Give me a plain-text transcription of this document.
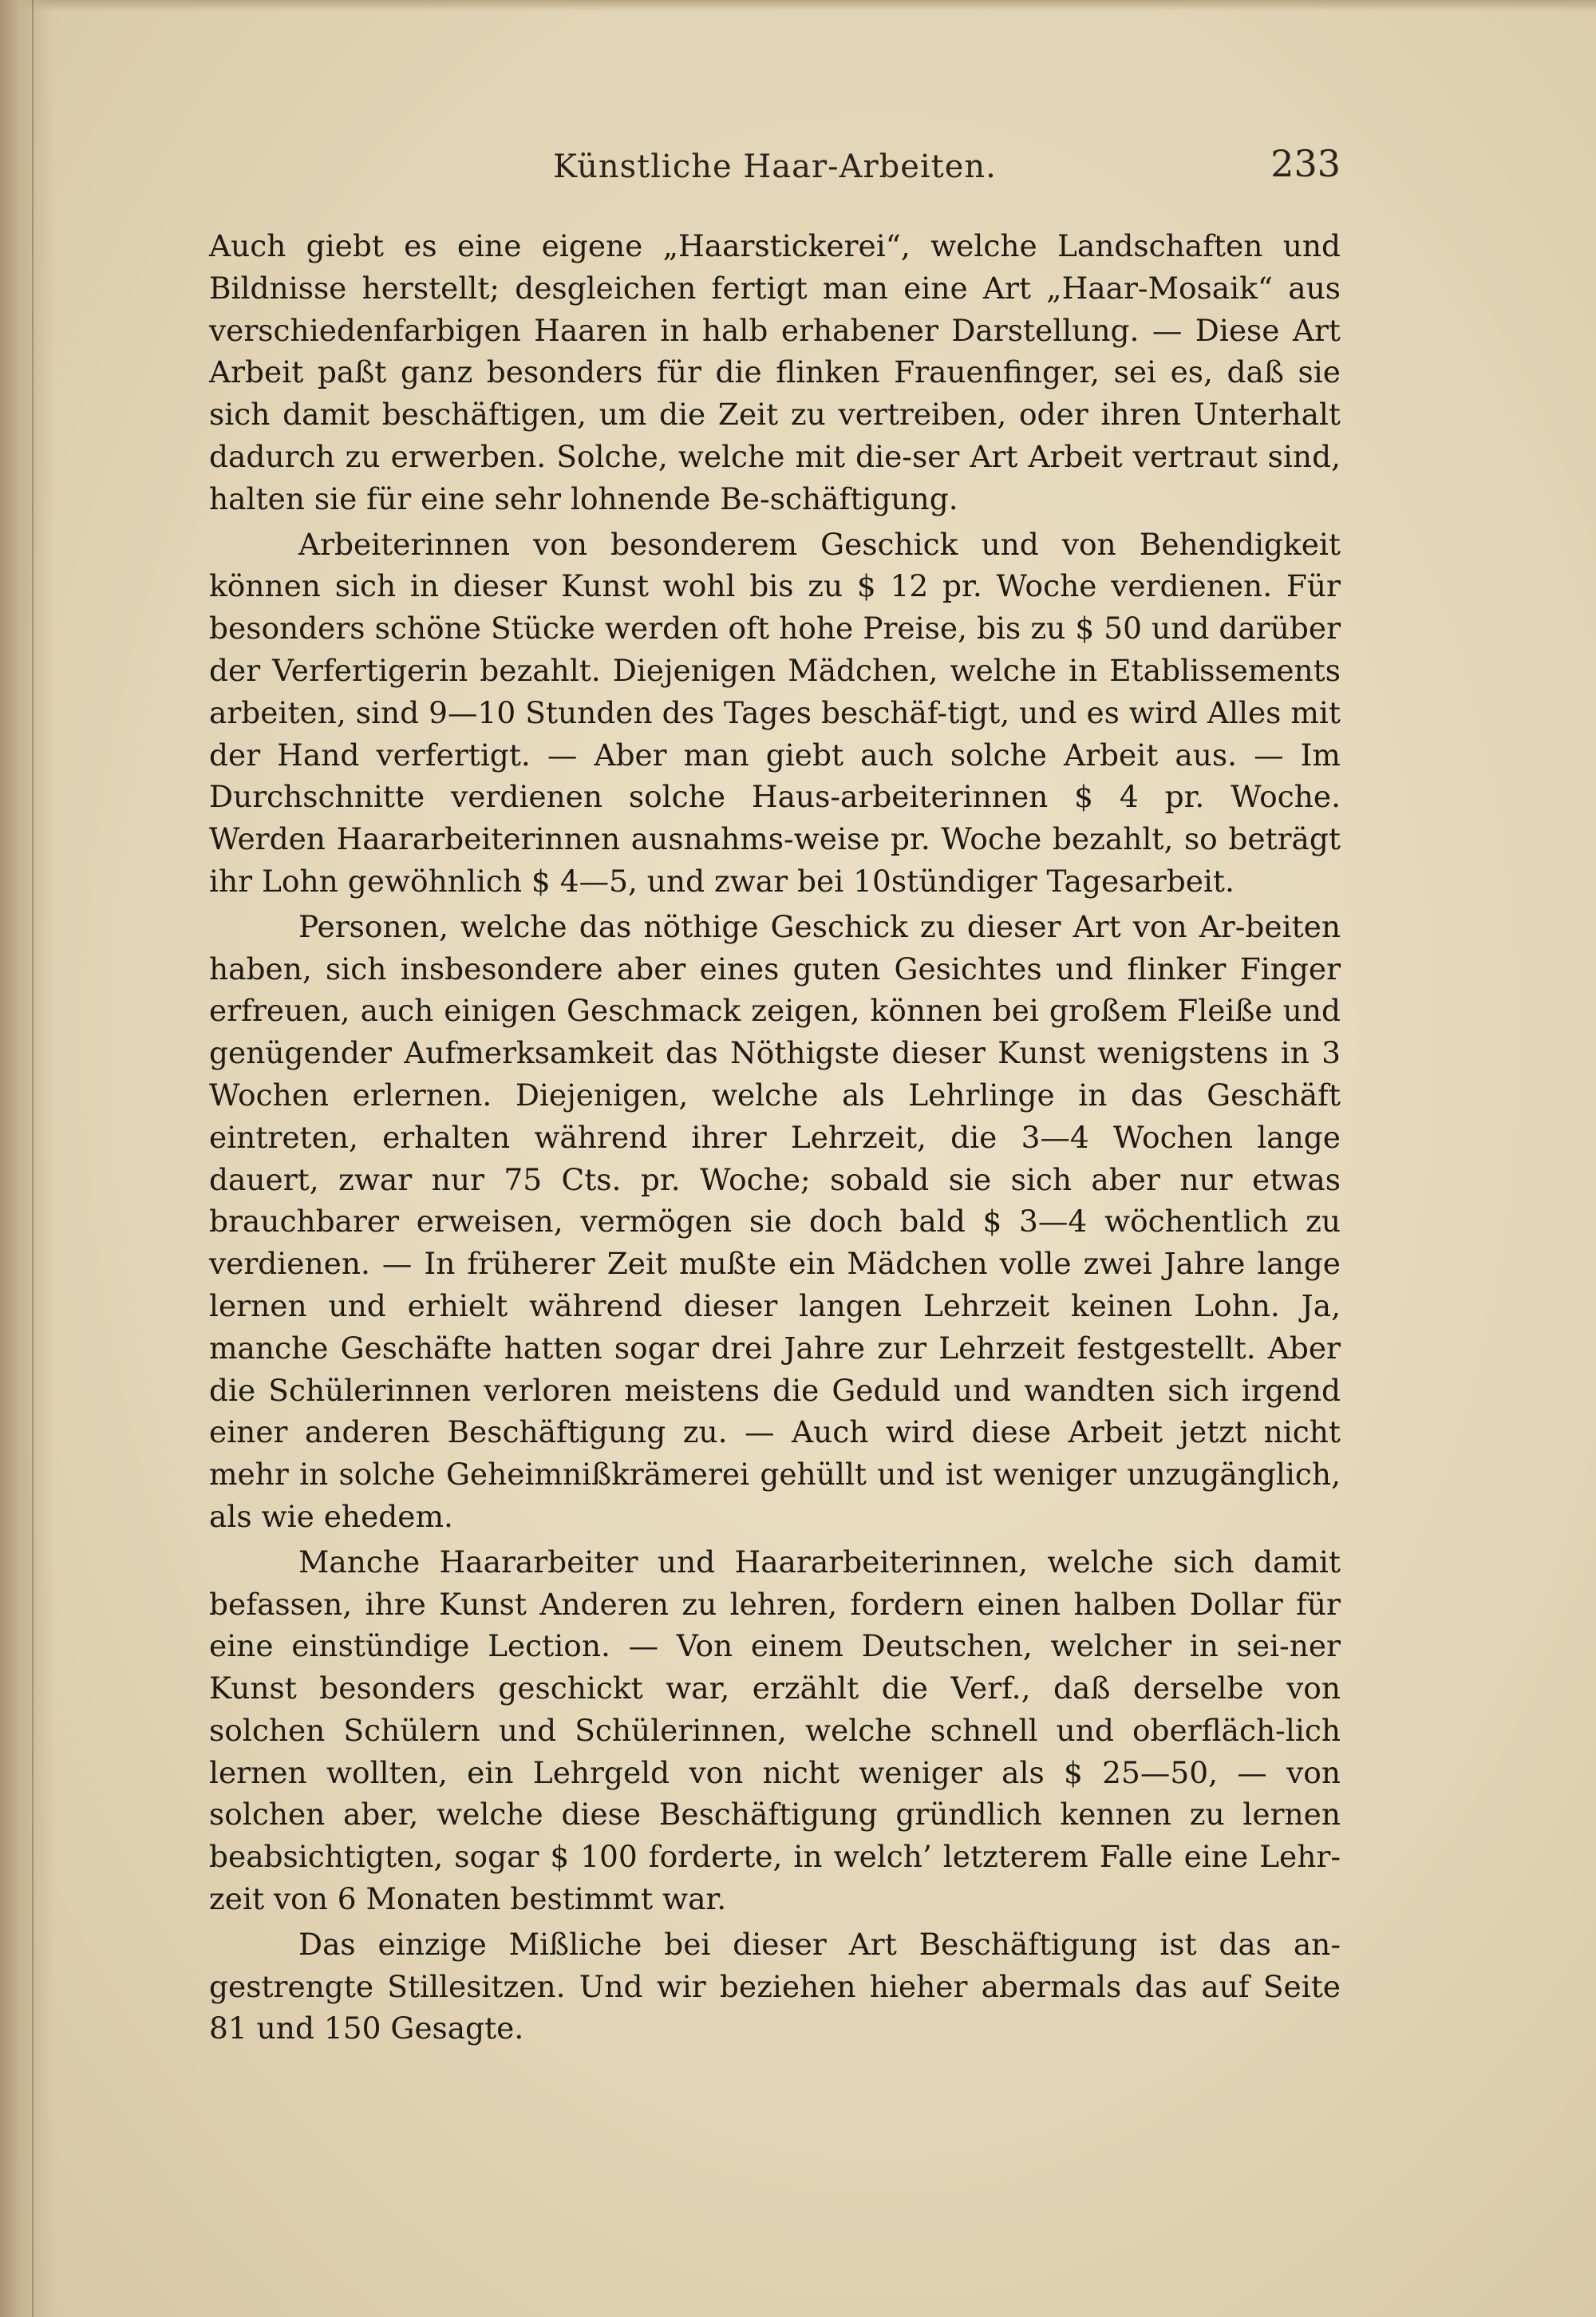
Künstliche Haar-Arbeiten.	233

Auch giebt es eine eigene „Haarstickerei“, welche Landschaften und Bildnisse herstellt; desgleichen fertigt man eine Art „Haar-Mosaik“ aus verschiedenfarbigen Haaren in halb erhabener Darstellung. — Diese Art Arbeit paßt ganz besonders für die flinken Frauenfinger, sei es, daß sie sich damit beschäftigen, um die Zeit zu vertreiben, oder ihren Unterhalt dadurch zu erwerben. Solche, welche mit die-ser Art Arbeit vertraut sind, halten sie für eine sehr lohnende Be-schäftigung.

Arbeiterinnen von besonderem Geschick und von Behendigkeit können sich in dieser Kunst wohl bis zu $ 12 pr. Woche verdienen. Für besonders schöne Stücke werden oft hohe Preise, bis zu $ 50 und darüber der Verfertigerin bezahlt. Diejenigen Mädchen, welche in Etablissements arbeiten, sind 9—10 Stunden des Tages beschäf-tigt, und es wird Alles mit der Hand verfertigt. — Aber man giebt auch solche Arbeit aus. — Im Durchschnitte verdienen solche Haus-arbeiterinnen $ 4 pr. Woche. Werden Haararbeiterinnen ausnahms-weise pr. Woche bezahlt, so beträgt ihr Lohn gewöhnlich $ 4—5, und zwar bei 10stündiger Tagesarbeit.

Personen, welche das nöthige Geschick zu dieser Art von Ar-beiten haben, sich insbesondere aber eines guten Gesichtes und flinker Finger erfreuen, auch einigen Geschmack zeigen, können bei großem Fleiße und genügender Aufmerksamkeit das Nöthigste dieser Kunst wenigstens in 3 Wochen erlernen. Diejenigen, welche als Lehrlinge in das Geschäft eintreten, erhalten während ihrer Lehrzeit, die 3—4 Wochen lange dauert, zwar nur 75 Cts. pr. Woche; sobald sie sich aber nur etwas brauchbarer erweisen, vermögen sie doch bald $ 3—4 wöchentlich zu verdienen. — In früherer Zeit mußte ein Mädchen volle zwei Jahre lange lernen und erhielt während dieser langen Lehrzeit keinen Lohn. Ja, manche Geschäfte hatten sogar drei Jahre zur Lehrzeit festgestellt. Aber die Schülerinnen verloren meistens die Geduld und wandten sich irgend einer anderen Beschäftigung zu. — Auch wird diese Arbeit jetzt nicht mehr in solche Geheimnißkrämerei gehüllt und ist weniger unzugänglich, als wie ehedem.

Manche Haararbeiter und Haararbeiterinnen, welche sich damit befassen, ihre Kunst Anderen zu lehren, fordern einen halben Dollar für eine einstündige Lection. — Von einem Deutschen, welcher in sei-ner Kunst besonders geschickt war, erzählt die Verf., daß derselbe von solchen Schülern und Schülerinnen, welche schnell und oberfläch-lich lernen wollten, ein Lehrgeld von nicht weniger als $ 25—50, — von solchen aber, welche diese Beschäftigung gründlich kennen zu lernen beabsichtigten, sogar $ 100 forderte, in welch’ letzterem Falle eine Lehr-zeit von 6 Monaten bestimmt war.

Das einzige Mißliche bei dieser Art Beschäftigung ist das an-gestrengte Stillesitzen. Und wir beziehen hieher abermals das auf Seite 81 und 150 Gesagte.
